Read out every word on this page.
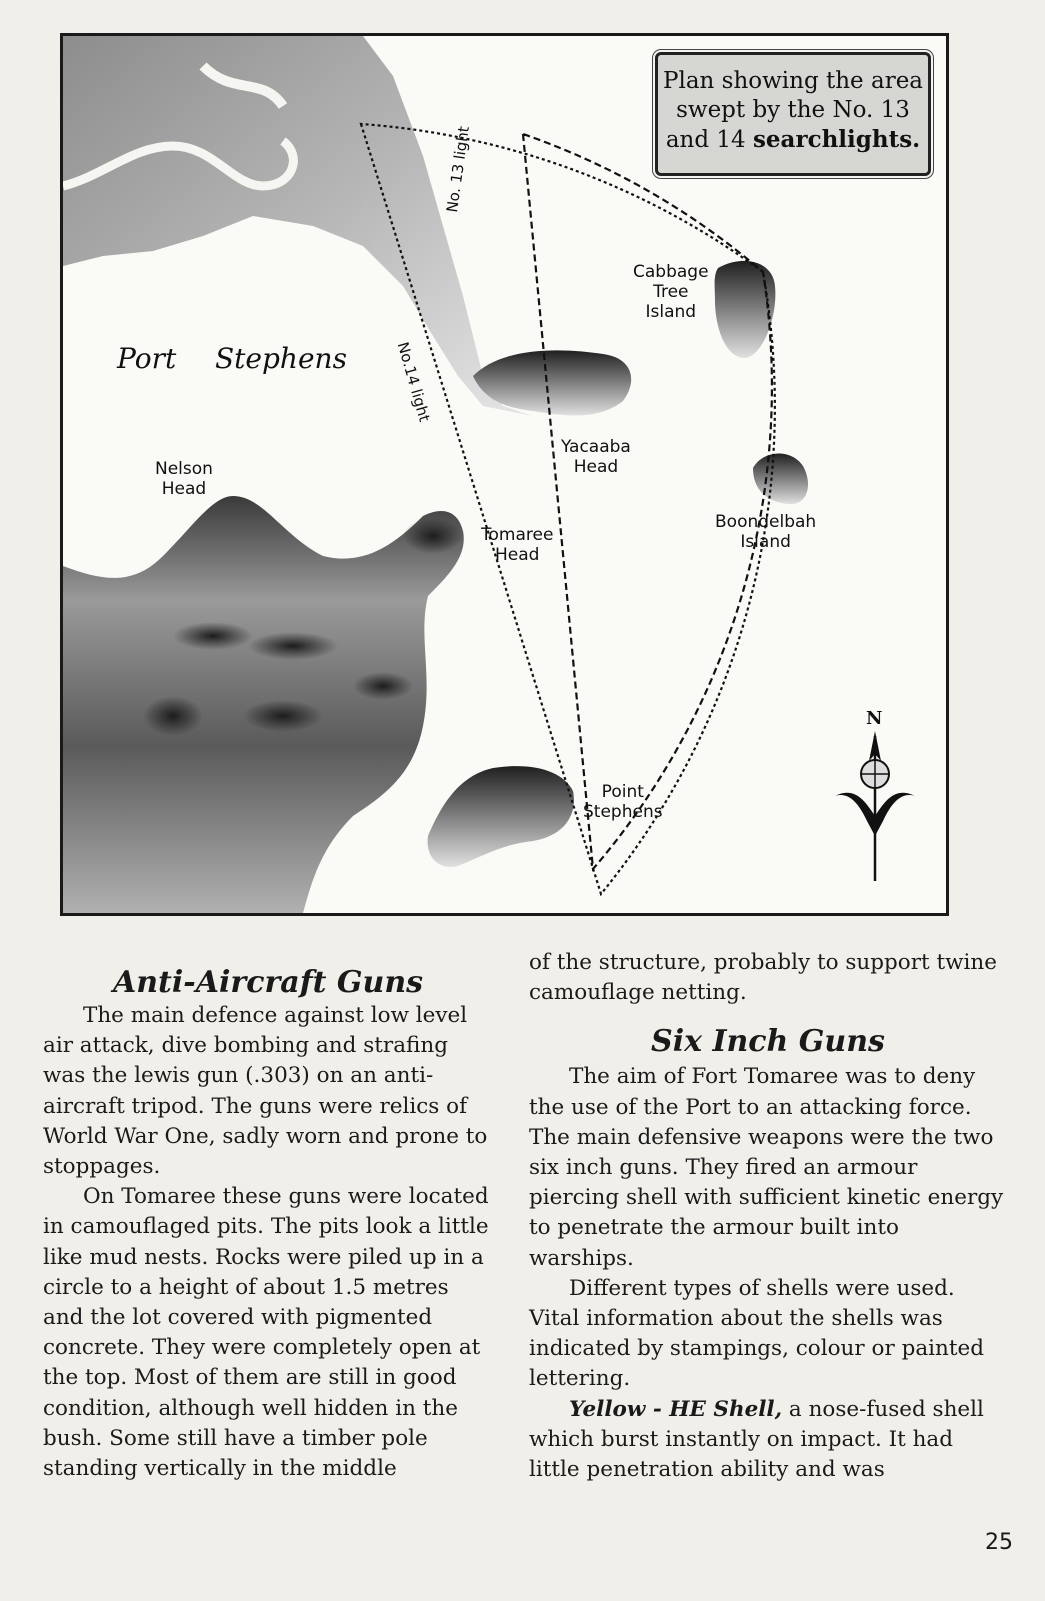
Plan showing the area
swept by the No. 13
and 14 searchlights.
Port Stephens
Nelson
Head
Tomaree
Head
Yacaaba
Head
Cabbage
Tree
Island
Boondelbah
Island
Point
Stephens
No. 13 light
No.14 light
N
Anti-Aircraft Guns

The main defence against low level air attack, dive bombing and strafing was the lewis gun (.303) on an anti-aircraft tripod. The guns were relics of World War One, sadly worn and prone to stoppages.

On Tomaree these guns were located in camouflaged pits. The pits look a little like mud nests. Rocks were piled up in a circle to a height of about 1.5 metres and the lot covered with pigmented concrete. They were completely open at the top. Most of them are still in good condition, although well hidden in the bush. Some still have a timber pole standing vertically in the middle

of the structure, probably to support twine camouflage netting.

Six Inch Guns

The aim of Fort Tomaree was to deny the use of the Port to an attacking force. The main defensive weapons were the two six inch guns. They fired an armour piercing shell with sufficient kinetic energy to penetrate the armour built into warships.

Different types of shells were used. Vital information about the shells was indicated by stampings, colour or painted lettering.

Yellow - HE Shell, a nose-fused shell which burst instantly on impact. It had little penetration ability and was

25
